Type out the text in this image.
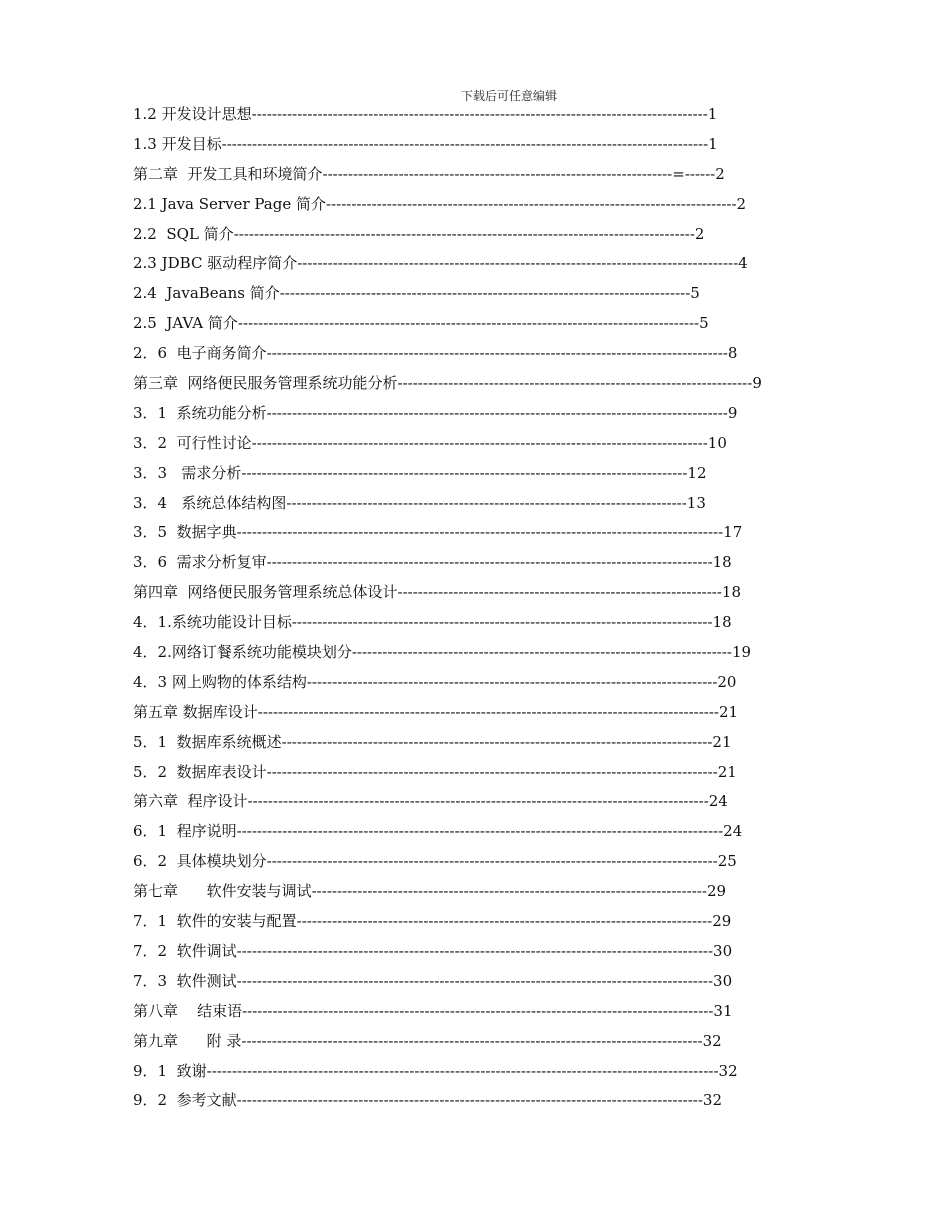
下载后可任意编辑
1.2 开发设计思想------------------------------------------------------------------------------------------1
1.3 开发目标------------------------------------------------------------------------------------------------1
第二章  开发工具和环境简介---------------------------------------------------------------------=------2
2.1 Java Server Page 简介---------------------------------------------------------------------------------2
2.2  SQL 简介-------------------------------------------------------------------------------------------2
2.3 JDBC 驱动程序简介---------------------------------------------------------------------------------------4
2.4  JavaBeans 简介---------------------------------------------------------------------------------5
2.5  JAVA 简介-------------------------------------------------------------------------------------------5
2．6  电子商务简介-------------------------------------------------------------------------------------------8
第三章  网络便民服务管理系统功能分析----------------------------------------------------------------------9
3．1  系统功能分析-------------------------------------------------------------------------------------------9
3．2  可行性讨论------------------------------------------------------------------------------------------10
3．3   需求分析----------------------------------------------------------------------------------------12
3．4   系统总体结构图-------------------------------------------------------------------------------13
3．5  数据字典------------------------------------------------------------------------------------------------17
3．6  需求分析复审----------------------------------------------------------------------------------------18
第四章  网络便民服务管理系统总体设计----------------------------------------------------------------18
4．1.系统功能设计目标-----------------------------------------------------------------------------------18
4．2.网络订餐系统功能模块划分---------------------------------------------------------------------------19
4．3 网上购物的体系结构---------------------------------------------------------------------------------20
第五章 数据库设计-------------------------------------------------------------------------------------------21
5．1  数据库系统概述-------------------------------------------------------------------------------------21
5．2  数据库表设计-----------------------------------------------------------------------------------------21
第六章  程序设计-------------------------------------------------------------------------------------------24
6．1  程序说明------------------------------------------------------------------------------------------------24
6．2  具体模块划分-----------------------------------------------------------------------------------------25
第七章      软件安装与调试------------------------------------------------------------------------------29
7．1  软件的安装与配置----------------------------------------------------------------------------------29
7．2  软件调试----------------------------------------------------------------------------------------------30
7．3  软件测试----------------------------------------------------------------------------------------------30
第八章    结束语---------------------------------------------------------------------------------------------31
第九章      附 录-------------------------------------------------------------------------------------------32
9．1  致谢-----------------------------------------------------------------------------------------------------32
9．2  参考文献--------------------------------------------------------------------------------------------32
